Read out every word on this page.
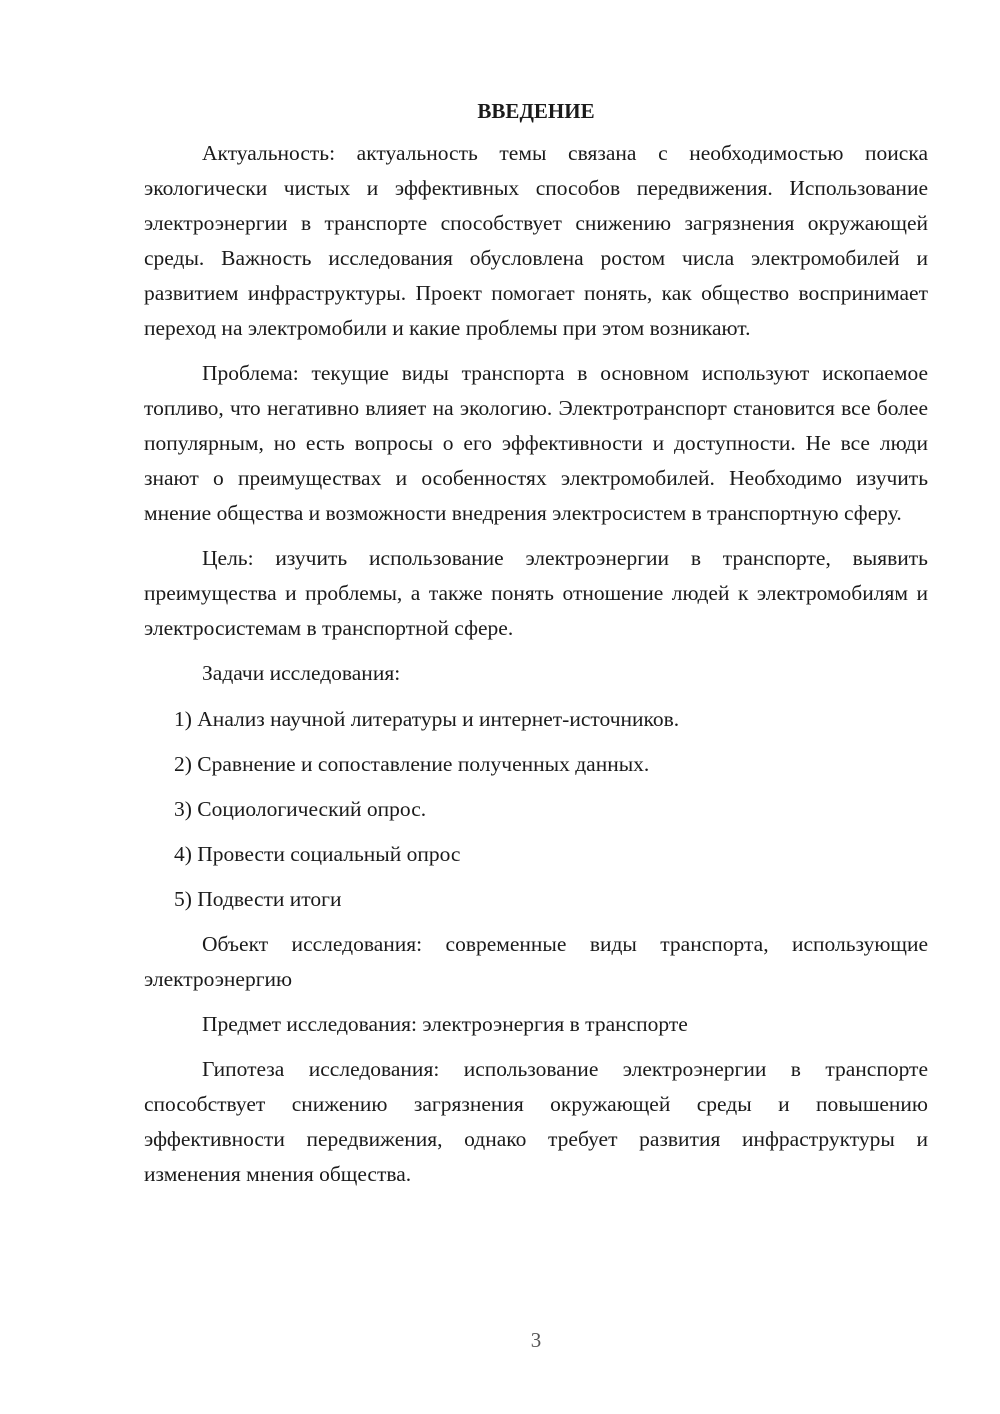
ВВЕДЕНИЕ

Актуальность: актуальность темы связана с необходимостью поиска экологически чистых и эффективных способов передвижения. Использование электроэнергии в транспорте способствует снижению загрязнения окружающей среды. Важность исследования обусловлена ростом числа электромобилей и развитием инфраструктуры. Проект помогает понять, как общество воспринимает переход на электромобили и какие проблемы при этом возникают.

Проблема: текущие виды транспорта в основном используют ископаемое топливо, что негативно влияет на экологию. Электротранспорт становится все более популярным, но есть вопросы о его эффективности и доступности. Не все люди знают о преимуществах и особенностях электромобилей. Необходимо изучить мнение общества и возможности внедрения электросистем в транспортную сферу.

Цель: изучить использование электроэнергии в транспорте, выявить преимущества и проблемы, а также понять отношение людей к электромобилям и электросистемам в транспортной сфере.

Задачи исследования:

1) Анализ научной литературы и интернет-источников.

2) Сравнение и сопоставление полученных данных.

3) Социологический опрос.

4) Провести социальный опрос

5) Подвести итоги

Объект исследования: современные виды транспорта, использующие электроэнергию

Предмет исследования: электроэнергия в транспорте

Гипотеза исследования: использование электроэнергии в транспорте способствует снижению загрязнения окружающей среды и повышению эффективности передвижения, однако требует развития инфраструктуры и изменения мнения общества.

3
